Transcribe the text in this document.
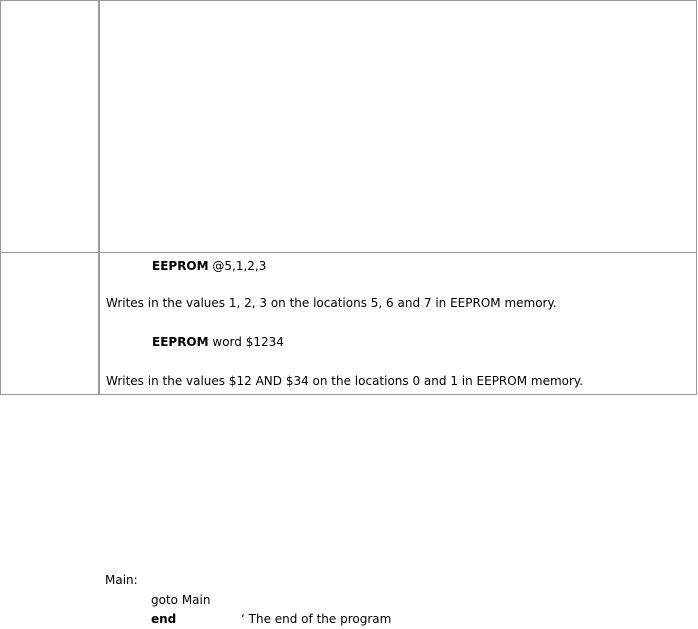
EEPROM @5,1,2,3
Writes in the values 1, 2, 3 on the locations 5, 6 and 7 in EEPROM memory.
EEPROM word $1234
Writes in the values $12 AND $34 on the locations 0 and 1 in EEPROM memory.
Main:
goto Main
end	‘ The end of the program
